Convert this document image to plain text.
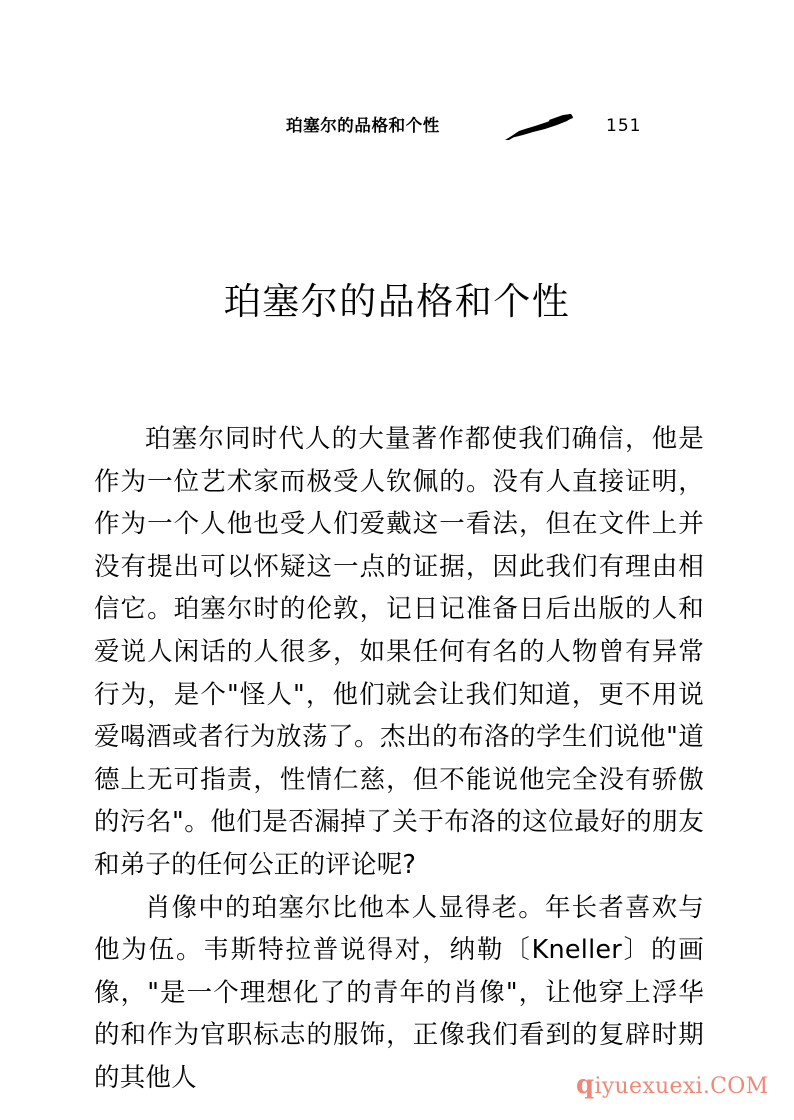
珀塞尔的品格和个性	151
珀塞尔的品格和个性

珀塞尔同时代人的大量著作都使我们确信，他是作为一位艺术家而极受人钦佩的。没有人直接证明，作为一个人他也受人们爱戴这一看法，但在文件上并没有提出可以怀疑这一点的证据，因此我们有理由相信它。珀塞尔时的伦敦，记日记准备日后出版的人和爱说人闲话的人很多，如果任何有名的人物曾有异常行为，是个"怪人"，他们就会让我们知道，更不用说爱喝酒或者行为放荡了。杰出的布洛的学生们说他"道德上无可指责，性情仁慈，但不能说他完全没有骄傲的污名"。他们是否漏掉了关于布洛的这位最好的朋友和弟子的任何公正的评论呢?

肖像中的珀塞尔比他本人显得老。年长者喜欢与他为伍。韦斯特拉普说得对，纳勒〔Kneller〕的画像，"是一个理想化了的青年的肖像"，让他穿上浮华的和作为官职标志的服饰，正像我们看到的复辟时期的其他人	qiyuexuexi.COM
